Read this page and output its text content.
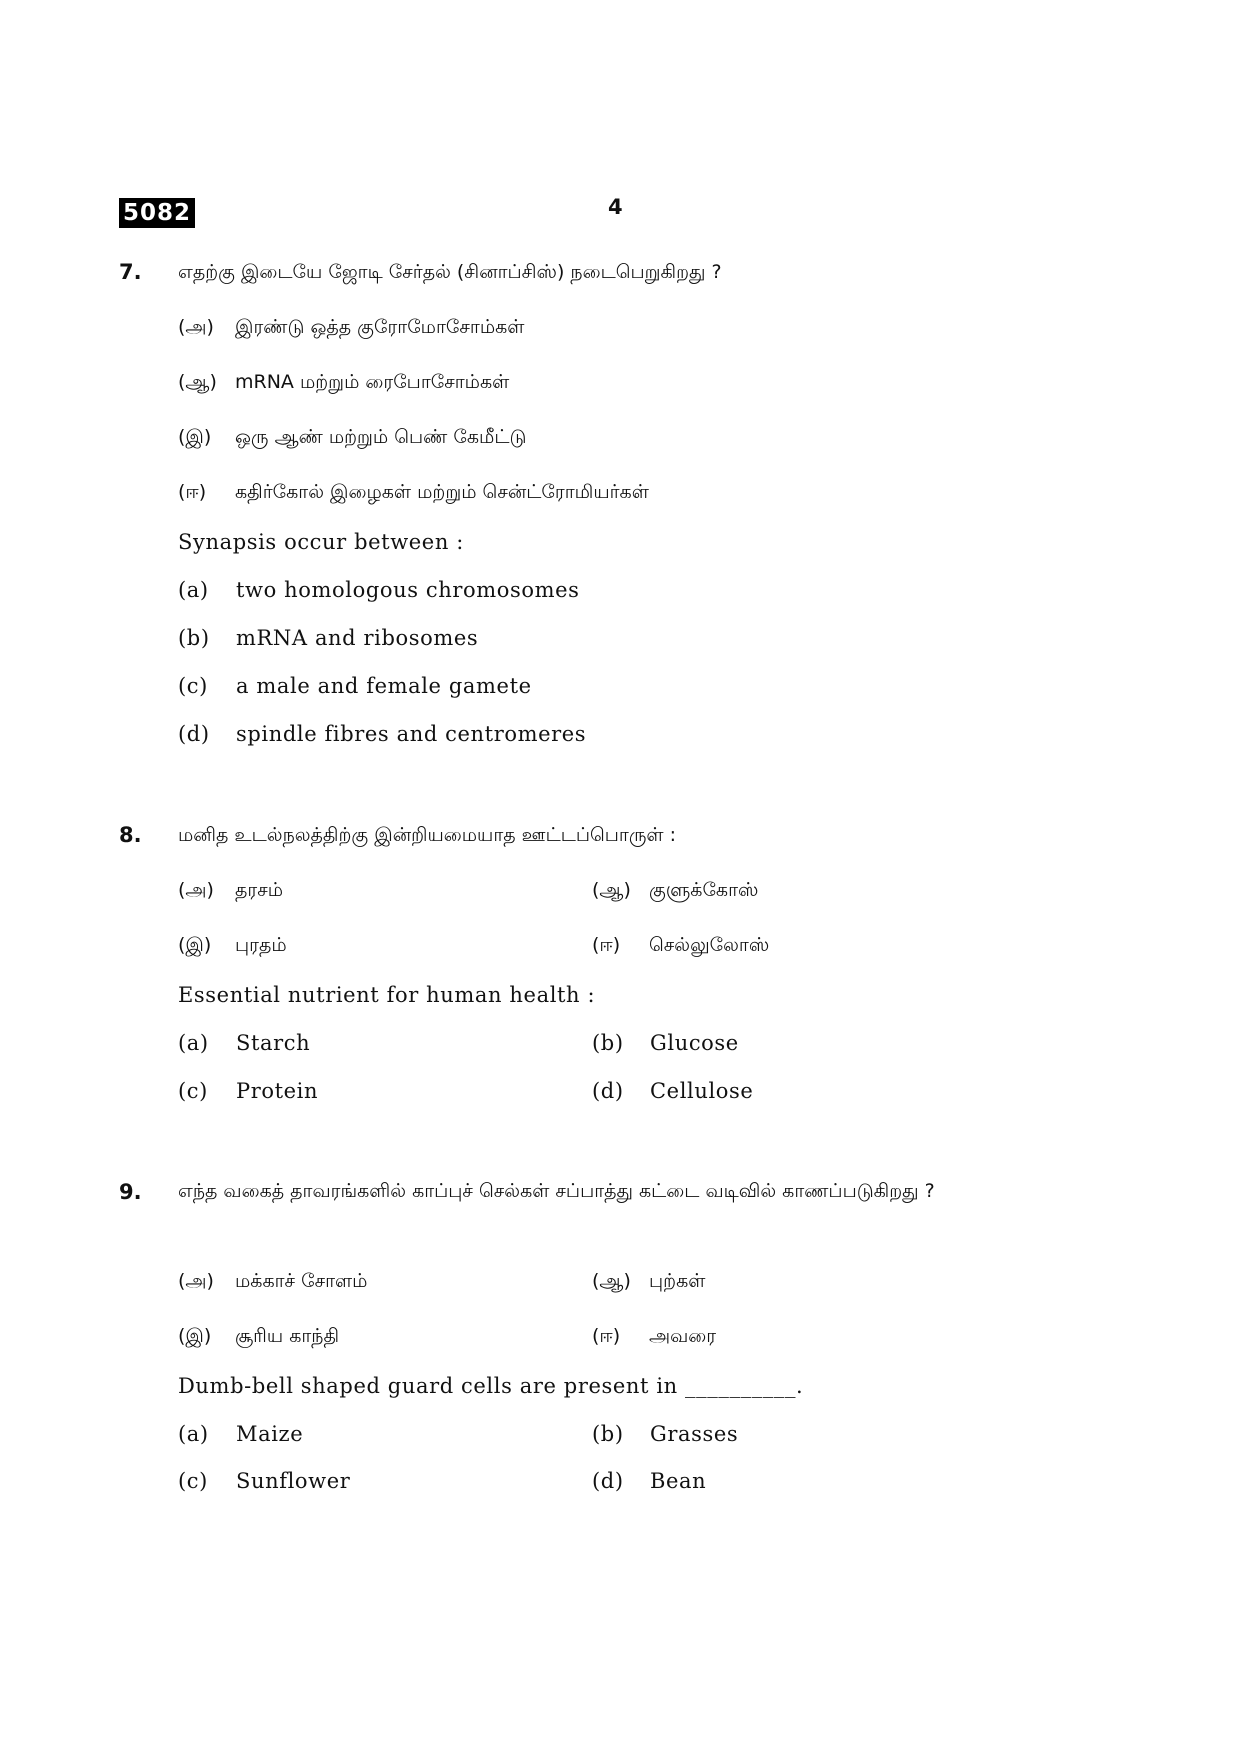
5082	4
7. எதற்கு இடையே ஜோடி சேர்தல் (சினாப்சிஸ்) நடைபெறுகிறது ?
(அ) இரண்டு ஒத்த குரோமோசோம்கள்
(ஆ) mRNA மற்றும் ரைபோசோம்கள்
(இ) ஒரு ஆண் மற்றும் பெண் கேமீட்டு
(ஈ) கதிர்கோல் இழைகள் மற்றும் சென்ட்ரோமியர்கள்
Synapsis occur between :
(a) two homologous chromosomes
(b) mRNA and ribosomes
(c) a male and female gamete
(d) spindle fibres and centromeres
8. மனித உடல்நலத்திற்கு இன்றியமையாத ஊட்டப்பொருள் :
(அ) தரசம்	(ஆ) குளுக்கோஸ்
(இ) புரதம்	(ஈ) செல்லுலோஸ்
Essential nutrient for human health :
(a) Starch	(b) Glucose
(c) Protein	(d) Cellulose
9. எந்த வகைத் தாவரங்களில் காப்புச் செல்கள் சப்பாத்து கட்டை வடிவில் காணப்படுகிறது ?
(அ) மக்காச் சோளம்	(ஆ) புற்கள்
(இ) சூரிய காந்தி	(ஈ) அவரை
Dumb-bell shaped guard cells are present in __________.
(a) Maize	(b) Grasses
(c) Sunflower	(d) Bean
